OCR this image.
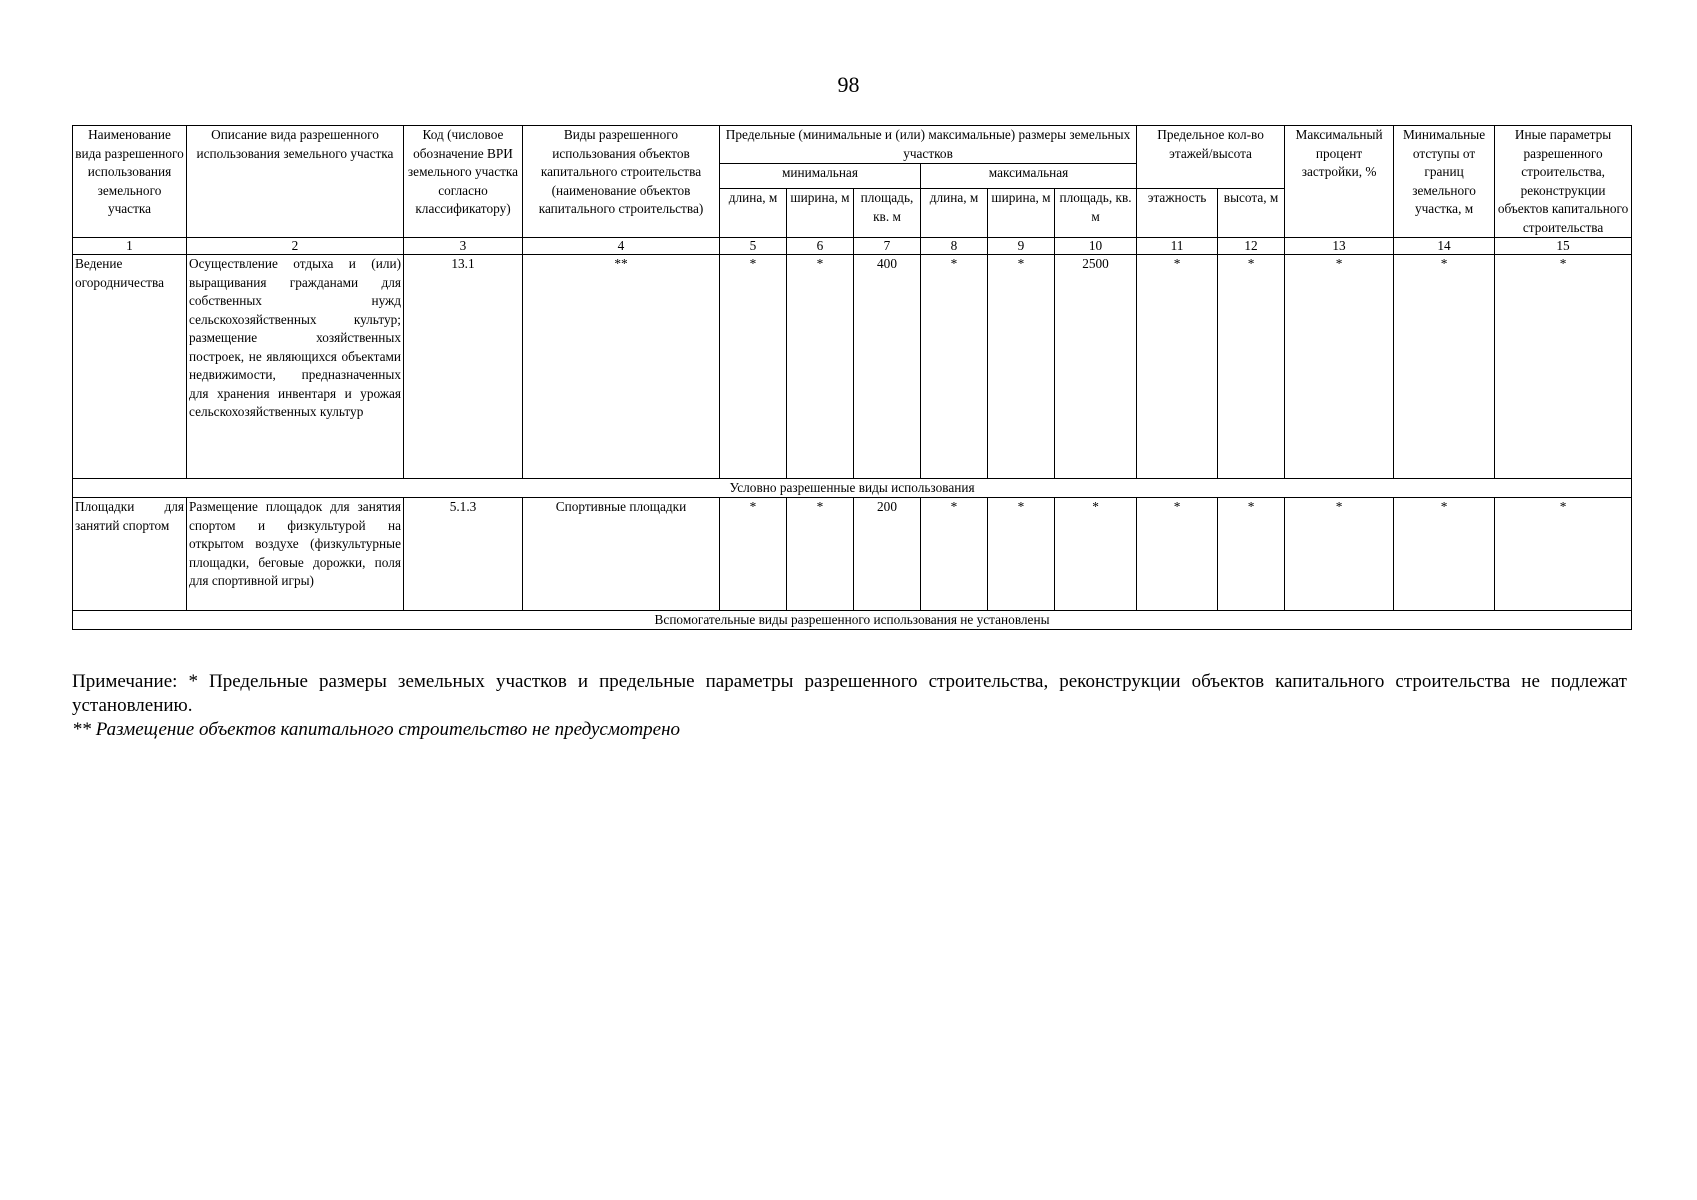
98
Наименование вида разрешенного использования земельного участка	Описание вида разрешенного использования земельного участка	Код (числовое обозначение ВРИ земельного участка согласно классификатору)	Виды разрешенного использования объектов капитального строительства (наименование объектов капитального строительства)	Предельные (минимальные и (или) максимальные) размеры земельных участков						Предельное кол-во этажей/высота		Максимальный процент застройки, %	Минимальные отступы от границ земельного участка, м	Иные параметры разрешенного строительства, реконструкции объектов капитального строительства
				минимальная			максимальная							
				длина, м	ширина, м	площадь, кв. м	длина, м	ширина, м	площадь, кв. м	этажность	высота, м			
1	2	3	4	5	6	7	8	9	10	11	12	13	14	15
Ведение огородничества	Осуществление отдыха и (или) выращивания гражданами для собственных нужд сельскохозяйственных культур; размещение хозяйственных построек, не являющихся объектами недвижимости, предназначенных для хранения инвентаря и урожая сельскохозяйственных культур	13.1	**	*	*	400	*	*	2500	*	*	*	*	*
Условно разрешенные виды использования														
Площадки для занятий спортом	Размещение площадок для занятия спортом и физкультурой на открытом воздухе (физкультурные площадки, беговые дорожки, поля для спортивной игры)	5.1.3	Спортивные площадки	*	*	200	*	*	*	*	*	*	*	*
Вспомогательные виды разрешенного использования не установлены														

Примечание: * Предельные размеры земельных участков и предельные параметры разрешенного строительства, реконструкции объектов капитального строительства не подлежат установлению.

** Размещение объектов капитального строительство не предусмотрено
